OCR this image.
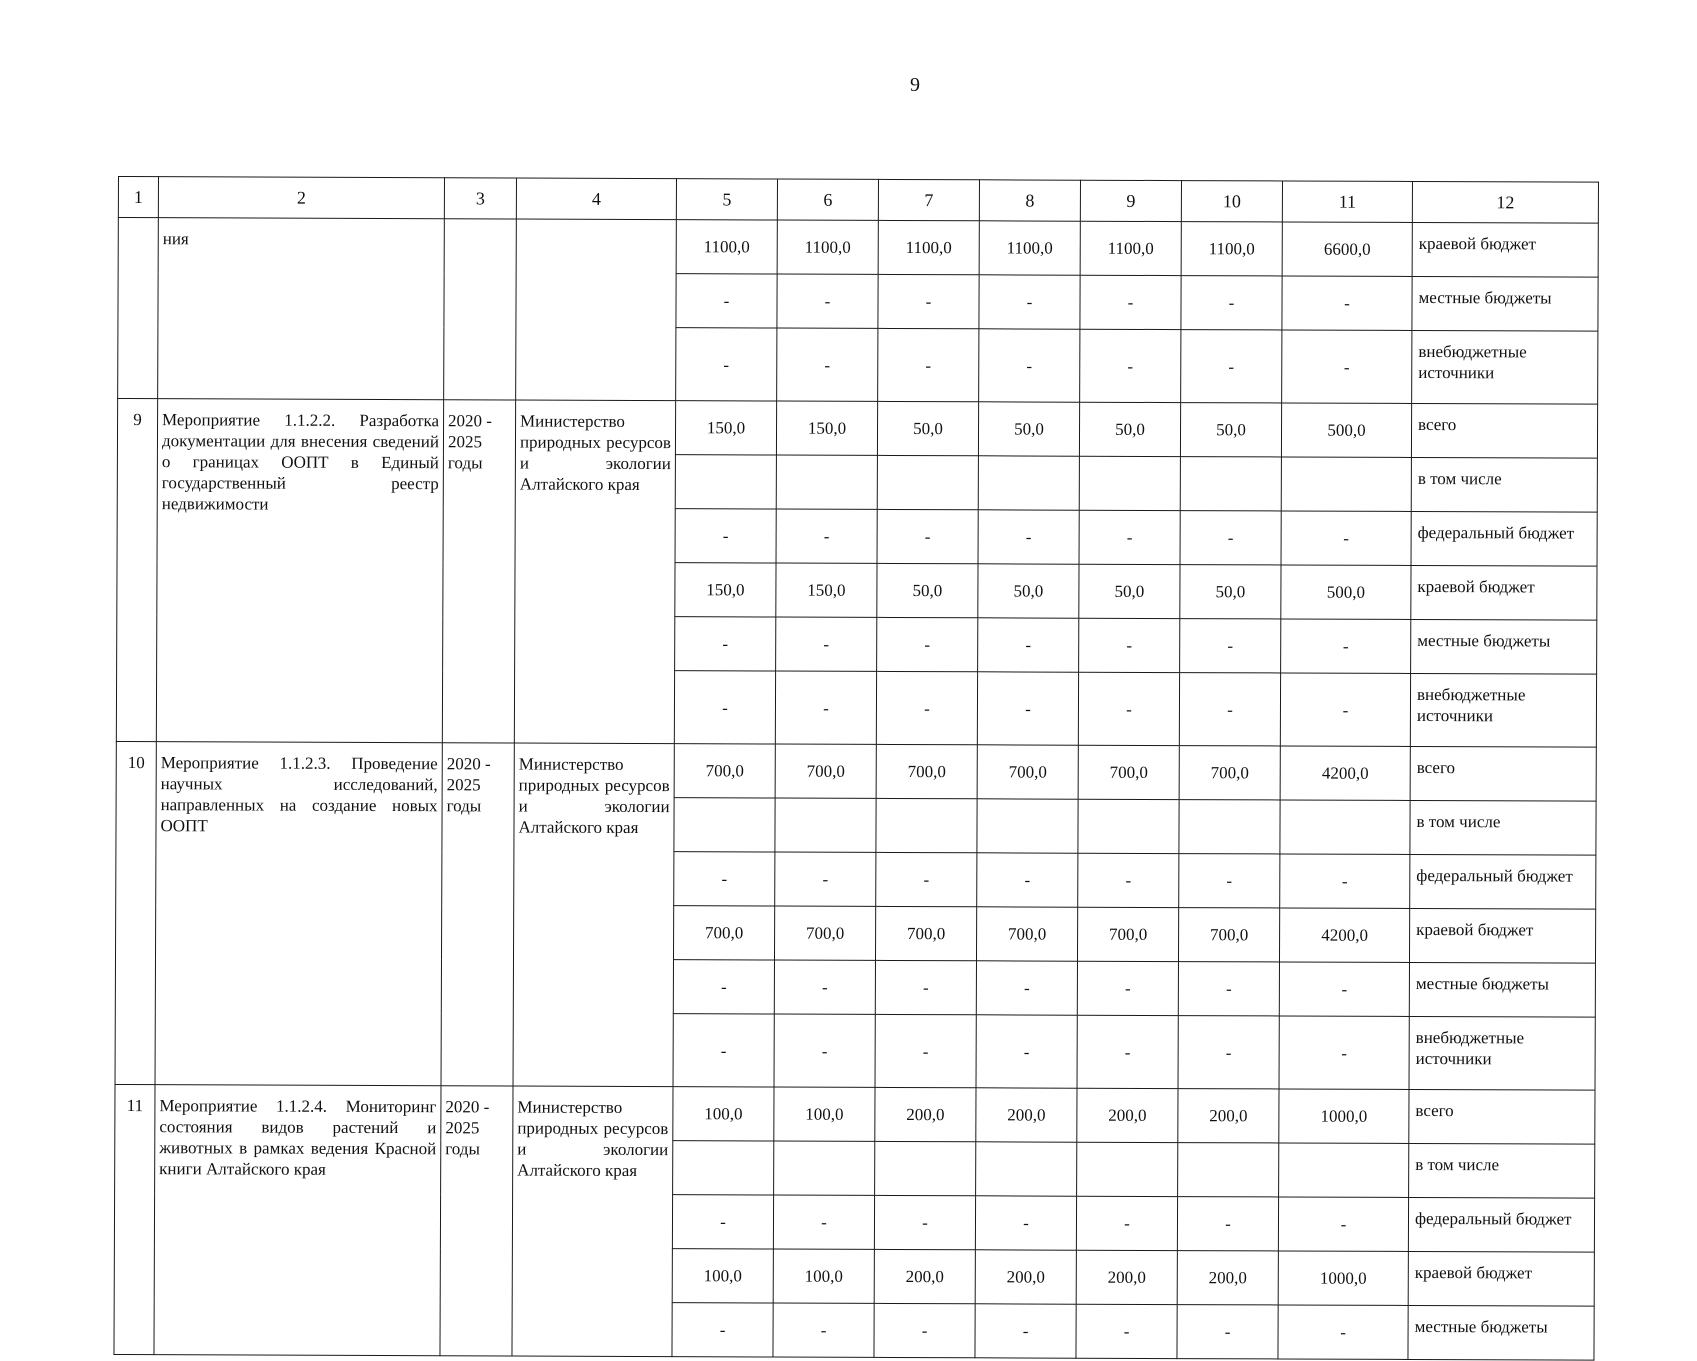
9
1	2	3	4	5	6	7	8	9	10	11	12
	ния			1100,0	1100,0	1100,0	1100,0	1100,0	1100,0	6600,0	краевой бюджет
				-	-	-	-	-	-	-	местные бюджеты
				-	-	-	-	-	-	-	внебюджетные источники
9	Мероприятие 1.1.2.2. Разработка документации для внесения сведений о границах ООПТ в Единый государственный реестр недвижимости	2020 - 2025 годы	Министерство природных ресурсов и экологии Алтайского края	150,0	150,0	50,0	50,0	50,0	50,0	500,0	всего
											в том числе
				-	-	-	-	-	-	-	федеральный бюджет
				150,0	150,0	50,0	50,0	50,0	50,0	500,0	краевой бюджет
				-	-	-	-	-	-	-	местные бюджеты
				-	-	-	-	-	-	-	внебюджетные источники
10	Мероприятие 1.1.2.3. Проведение научных исследований, направленных на создание новых ООПТ	2020 - 2025 годы	Министерство природных ресурсов и экологии Алтайского края	700,0	700,0	700,0	700,0	700,0	700,0	4200,0	всего
											в том числе
				-	-	-	-	-	-	-	федеральный бюджет
				700,0	700,0	700,0	700,0	700,0	700,0	4200,0	краевой бюджет
				-	-	-	-	-	-	-	местные бюджеты
				-	-	-	-	-	-	-	внебюджетные источники
11	Мероприятие 1.1.2.4. Мониторинг состояния видов растений и животных в рамках ведения Красной книги Алтайского края	2020 - 2025 годы	Министерство природных ресурсов и экологии Алтайского края	100,0	100,0	200,0	200,0	200,0	200,0	1000,0	всего
											в том числе
				-	-	-	-	-	-	-	федеральный бюджет
				100,0	100,0	200,0	200,0	200,0	200,0	1000,0	краевой бюджет
				-	-	-	-	-	-	-	местные бюджеты
